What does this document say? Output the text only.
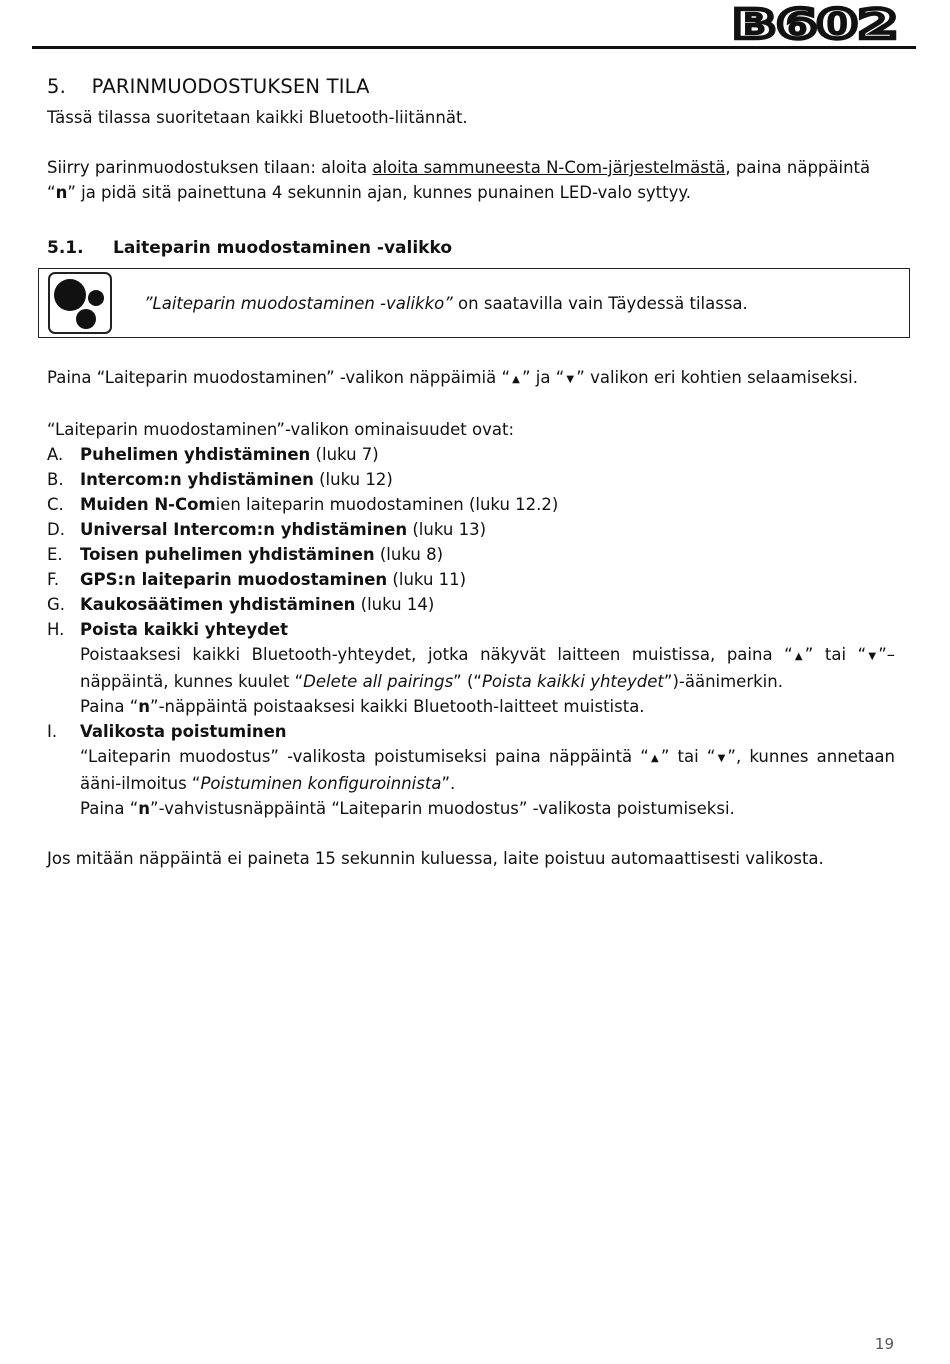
B602
5. PARINMUODOSTUKSEN TILA

Tässä tilassa suoritetaan kaikki Bluetooth-liitännät.

Siirry parinmuodostuksen tilaan: aloita aloita sammuneesta N-Com-järjestelmästä, paina näppäintä “n” ja pidä sitä painettuna 4 sekunnin ajan, kunnes punainen LED-valo syttyy.

5.1.	Laiteparin muodostaminen -valikko
”Laiteparin muodostaminen -valikko” on saatavilla vain Täydessä tilassa.

Paina “Laiteparin muodostaminen” -valikon näppäimiä “ ▲ ” ja “ ▼ ” valikon eri kohtien selaamiseksi.

“Laiteparin muodostaminen”-valikon ominaisuudet ovat:

A.	Puhelimen yhdistäminen (luku 7)
B. Intercom:n yhdistäminen (luku 12)
C. Muiden N-Comien laiteparin muodostaminen (luku 12.2)
D. Universal Intercom:n yhdistäminen (luku 13)
E.	Toisen puhelimen yhdistäminen (luku 8)
F.	GPS:n laiteparin muodostaminen (luku 11)
G. Kaukosäätimen yhdistäminen (luku 14)
H. Poista kaikki yhteydet

Poistaaksesi kaikki Bluetooth-yhteydet, jotka näkyvät laitteen muistissa, paina “ ▲ ” tai “ ▼ ”– näppäintä, kunnes kuulet “Delete all pairings” (“Poista kaikki yhteydet”)-äänimerkin.

Paina “n”-näppäintä poistaaksesi kaikki Bluetooth-laitteet muistista.

I.	Valikosta poistuminen

“Laiteparin muodostus” -valikosta poistumiseksi paina näppäintä “ ▲ ” tai “ ▼ ”, kunnes annetaan ääni-ilmoitus “Poistuminen konfiguroinnista”.

Paina “n”-vahvistusnäppäintä “Laiteparin muodostus” -valikosta poistumiseksi.

Jos mitään näppäintä ei paineta 15 sekunnin kuluessa, laite poistuu automaattisesti valikosta.

19
